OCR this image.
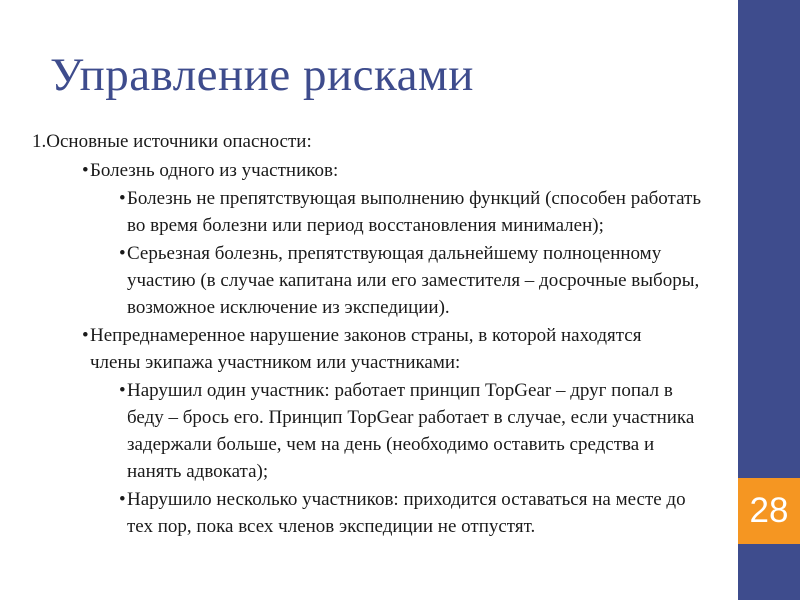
28
Управление рисками
1.Основные источники опасности:
• Болезнь одного из участников:
• Болезнь не препятствующая выполнению функций (способен работать во время болезни или период восстановления минимален);
• Серьезная болезнь, препятствующая дальнейшему полноценному участию (в случае капитана или его заместителя – досрочные выборы, возможное исключение из экспедиции).
• Непреднамеренное нарушение законов страны, в которой находятся члены экипажа участником или участниками:
• Нарушил один участник: работает принцип TopGear – друг попал в беду – брось его. Принцип TopGear работает в случае, если участника задержали больше, чем на день (необходимо оставить средства и нанять адвоката);
• Нарушило несколько участников: приходится оставаться на месте до тех пор, пока всех членов экспедиции не отпустят.
